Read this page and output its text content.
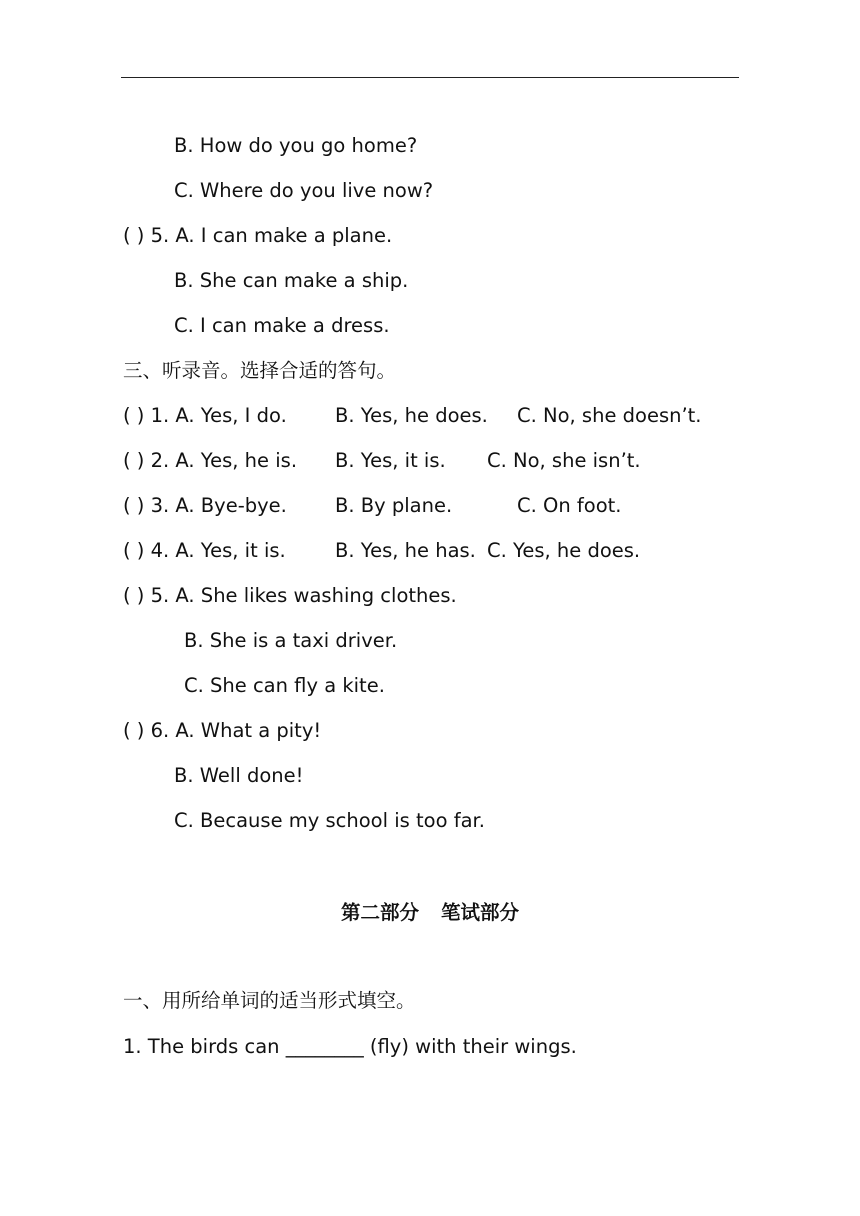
B. How do you go home?
C. Where do you live now?
( ) 5. A. I can make a plane.
B. She can make a ship.
C. I can make a dress.
三、听录音。选择合适的答句。
( ) 1. A. Yes, I do. B. Yes, he does. C. No, she doesn’t.
( ) 2. A. Yes, he is. B. Yes, it is. C. No, she isn’t.
( ) 3. A. Bye-bye. B. By plane.	C. On foot.
( ) 4. A. Yes, it is.	B. Yes, he has. C. Yes, he does.
( ) 5. A. She likes washing clothes.
B. She is a taxi driver.
C. She can fly a kite.
( ) 6. A. What a pity!
B. Well done!
C. Because my school is too far.
第二部分 笔试部分
一、用所给单词的适当形式填空。
1. The birds can ________ (fly) with their wings.
